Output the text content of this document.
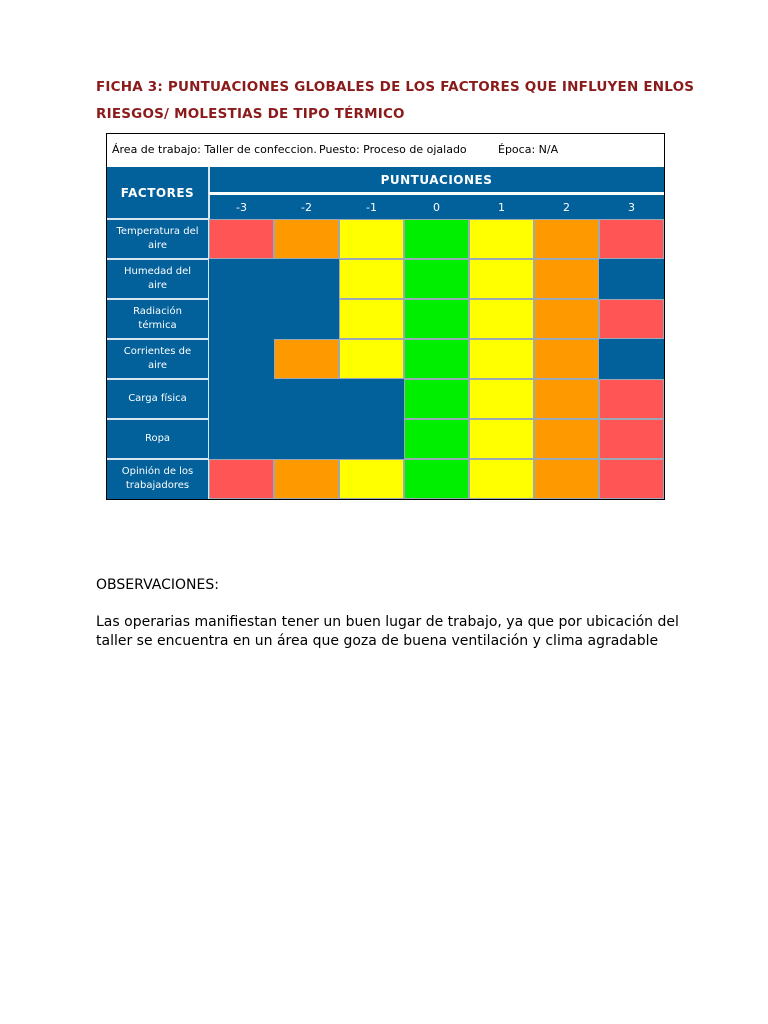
FICHA 3: PUNTUACIONES GLOBALES DE LOS FACTORES QUE INFLUYEN ENLOS
RIESGOS/ MOLESTIAS DE TIPO TÉRMICO
Área de trabajo: Taller de confeccion. Puesto: Proceso de ojalado	Época: N/A
FACTORES
PUNTUACIONES
-3	-2	-1	0	1	2	3
Temperatura del aire
Humedad del aire
Radiación térmica
Corrientes de aire
Carga física
Ropa
Opinión de los trabajadores
OBSERVACIONES:
Las operarias manifiestan tener un buen lugar de trabajo, ya que por ubicación del
taller se encuentra en un área que goza de buena ventilación y clima agradable
